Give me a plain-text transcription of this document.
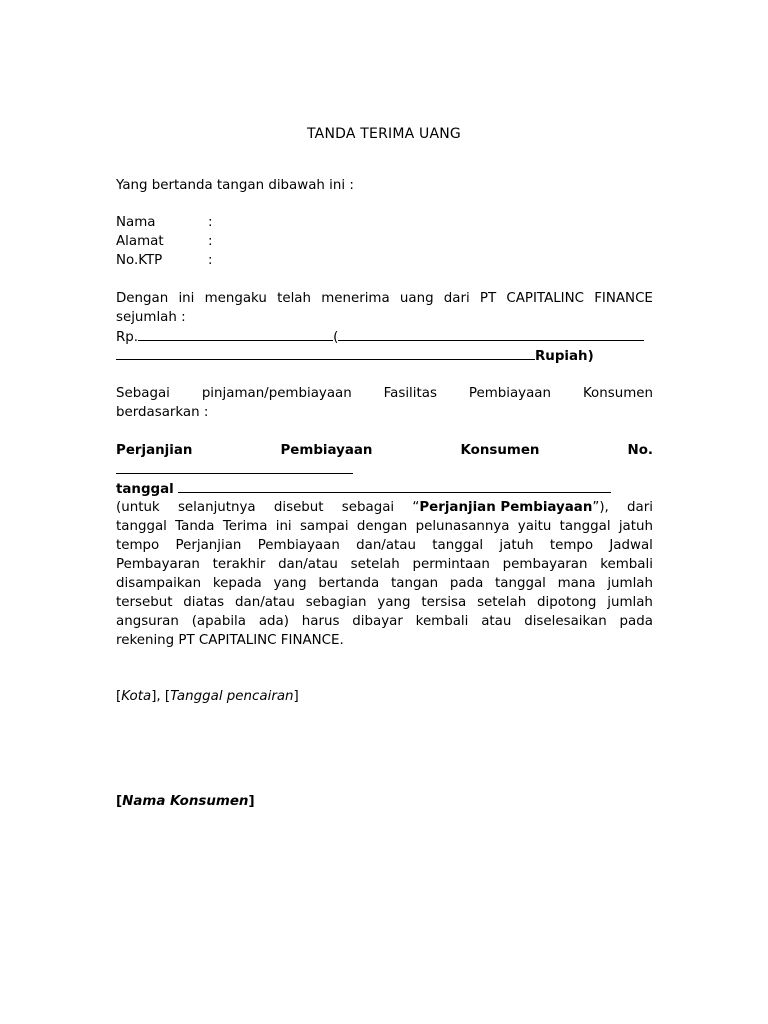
TANDA TERIMA UANG
Yang bertanda tangan dibawah ini :
Nama	:
Alamat	:
No.KTP	:
Dengan ini mengaku telah menerima uang dari PT CAPITALINC FINANCE
sejumlah :
Rp.	(
Rupiah)
Sebagai pinjaman/pembiayaan Fasilitas Pembiayaan Konsumen
berdasarkan :
Perjanjian	Pembiayaan	Konsumen	No.
tanggal
(untuk selanjutnya disebut sebagai “Perjanjian Pembiayaan”), dari
tanggal Tanda Terima ini sampai dengan pelunasannya yaitu tanggal jatuh
tempo Perjanjian Pembiayaan dan/atau tanggal jatuh tempo Jadwal
Pembayaran terakhir dan/atau setelah permintaan pembayaran kembali
disampaikan kepada yang bertanda tangan pada tanggal mana jumlah
tersebut diatas dan/atau sebagian yang tersisa setelah dipotong jumlah
angsuran (apabila ada) harus dibayar kembali atau diselesaikan pada
rekening PT CAPITALINC FINANCE.
[Kota], [Tanggal pencairan]
[Nama Konsumen]
